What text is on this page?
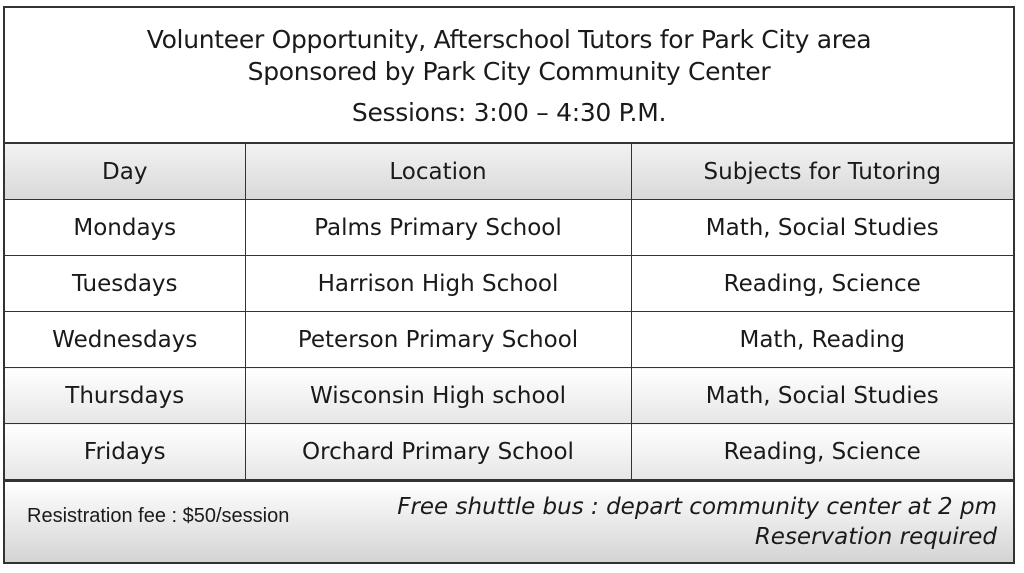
Volunteer Opportunity, Afterschool Tutors for Park City area
Sponsored by Park City Community Center
Sessions: 3:00 – 4:30 P.M.
Day	Location	Subjects for Tutoring
Mondays	Palms Primary School	Math, Social Studies
Tuesdays	Harrison High School	Reading, Science
Wednesdays	Peterson Primary School	Math, Reading
Thursdays	Wisconsin High school	Math, Social Studies
Fridays	Orchard Primary School	Reading, Science
Resistration fee : $50/session	Free shuttle bus : depart community center at 2 pm
Reservation required
